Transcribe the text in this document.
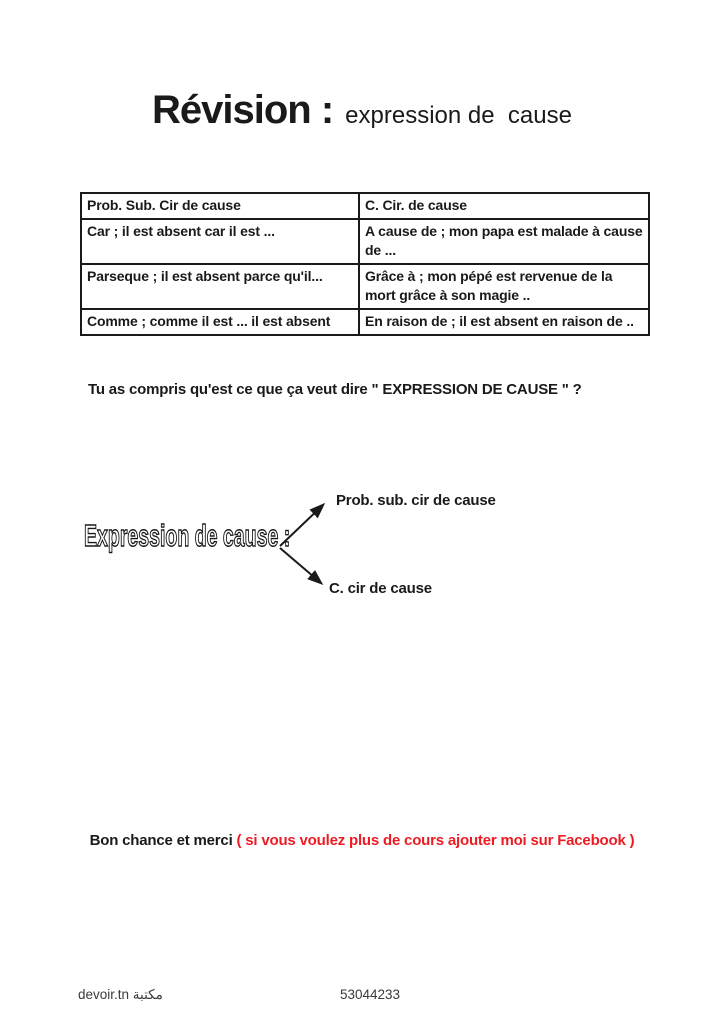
Révision : expression de  cause
Prob. Sub. Cir de cause	C. Cir. de cause
Car ; il est absent car il est ...	A cause de ; mon papa est malade à cause de ...
Parseque ; il est absent parce qu'il...	Grâce à ; mon pépé est rervenue de la mort grâce à son magie ..
Comme ; comme il est ... il est absent	En raison de ; il est absent en raison de ..

Tu as compris qu'est ce que ça veut dire " EXPRESSION DE CAUSE " ?

Expression de cause :
Prob. sub. cir de cause
C. cir de cause

Bon chance et merci ( si vous voulez plus de cours ajouter moi sur Facebook )

devoir.tn مكتبة	53044233
